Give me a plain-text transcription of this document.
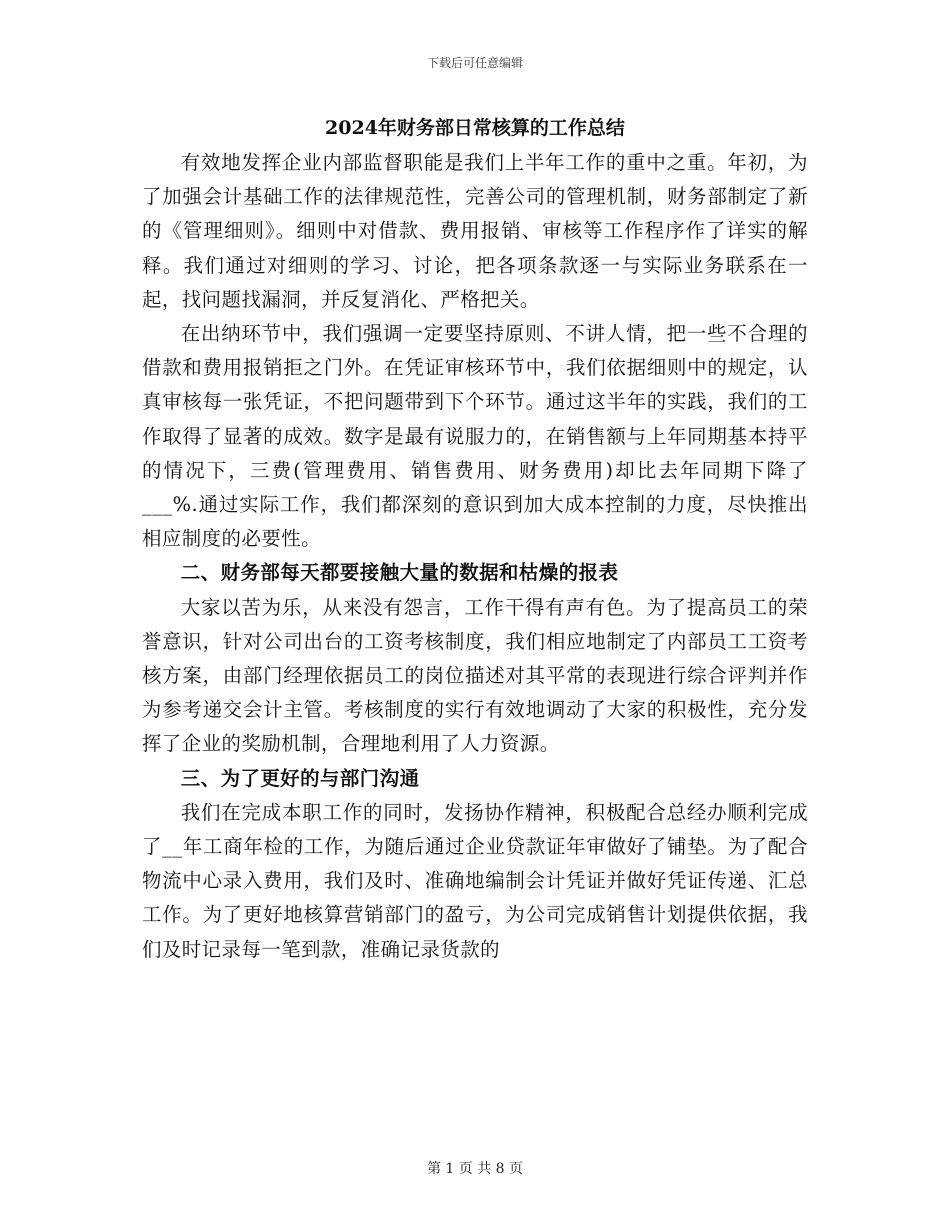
下载后可任意编辑
2024年财务部日常核算的工作总结

有效地发挥企业内部监督职能是我们上半年工作的重中之重。年初，为了加强会计基础工作的法律规范性，完善公司的管理机制，财务部制定了新的《管理细则》。细则中对借款、费用报销、审核等工作程序作了详实的解释。我们通过对细则的学习、讨论，把各项条款逐一与实际业务联系在一起，找问题找漏洞，并反复消化、严格把关。

在出纳环节中，我们强调一定要坚持原则、不讲人情，把一些不合理的借款和费用报销拒之门外。在凭证审核环节中，我们依据细则中的规定，认真审核每一张凭证，不把问题带到下个环节。通过这半年的实践，我们的工作取得了显著的成效。数字是最有说服力的，在销售额与上年同期基本持平的情况下，三费(管理费用、销售费用、财务费用)却比去年同期下降了___%.通过实际工作，我们都深刻的意识到加大成本控制的力度，尽快推出相应制度的必要性。

二、财务部每天都要接触大量的数据和枯燥的报表

大家以苦为乐，从来没有怨言，工作干得有声有色。为了提高员工的荣誉意识，针对公司出台的工资考核制度，我们相应地制定了内部员工工资考核方案，由部门经理依据员工的岗位描述对其平常的表现进行综合评判并作为参考递交会计主管。考核制度的实行有效地调动了大家的积极性，充分发挥了企业的奖励机制，合理地利用了人力资源。

三、为了更好的与部门沟通

我们在完成本职工作的同时，发扬协作精神，积极配合总经办顺利完成了__年工商年检的工作，为随后通过企业贷款证年审做好了铺垫。为了配合物流中心录入费用，我们及时、准确地编制会计凭证并做好凭证传递、汇总工作。为了更好地核算营销部门的盈亏，为公司完成销售计划提供依据，我们及时记录每一笔到款，准确记录货款的

第 1 页 共 8 页
